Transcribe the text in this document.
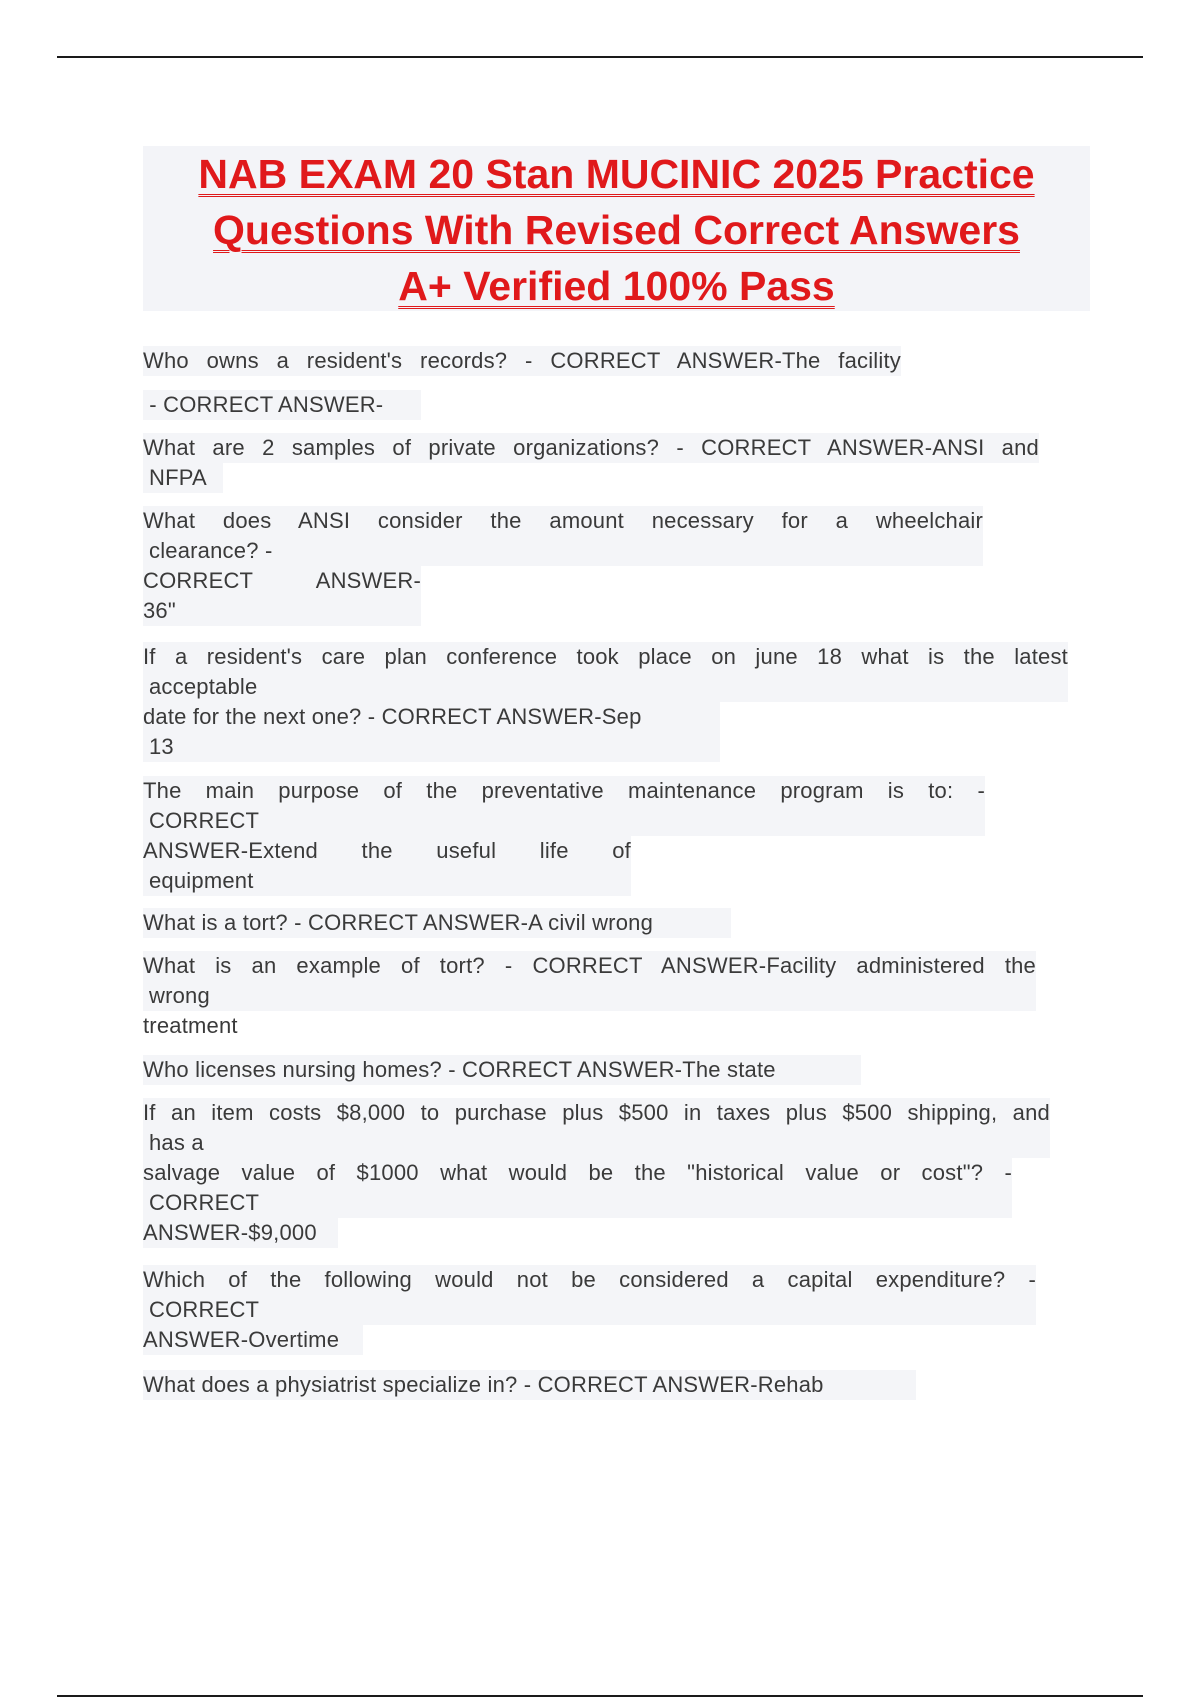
NAB EXAM 20 Stan MUCINIC 2025 Practice
Questions With Revised Correct Answers
A+ Verified 100% Pass
Who owns a resident's records? - CORRECT ANSWER-The facility
- CORRECT ANSWER-
What are 2 samples of private organizations? - CORRECT ANSWER-ANSI and
NFPA
What does ANSI consider the amount necessary for a wheelchair
clearance? -
CORRECT ANSWER-
36"
If a resident's care plan conference took place on june 18 what is the latest
acceptable
date for the next one? - CORRECT ANSWER-Sep
13
The main purpose of the preventative maintenance program is to: -
CORRECT
ANSWER-Extend the useful life of
equipment
What is a tort? - CORRECT ANSWER-A civil wrong
What is an example of tort? - CORRECT ANSWER-Facility administered the
wrong
treatment
Who licenses nursing homes? - CORRECT ANSWER-The state
If an item costs $8,000 to purchase plus $500 in taxes plus $500 shipping, and
has a
salvage value of $1000 what would be the "historical value or cost"? -
CORRECT
ANSWER-$9,000
Which of the following would not be considered a capital expenditure? -
CORRECT
ANSWER-Overtime
What does a physiatrist specialize in? - CORRECT ANSWER-Rehab
